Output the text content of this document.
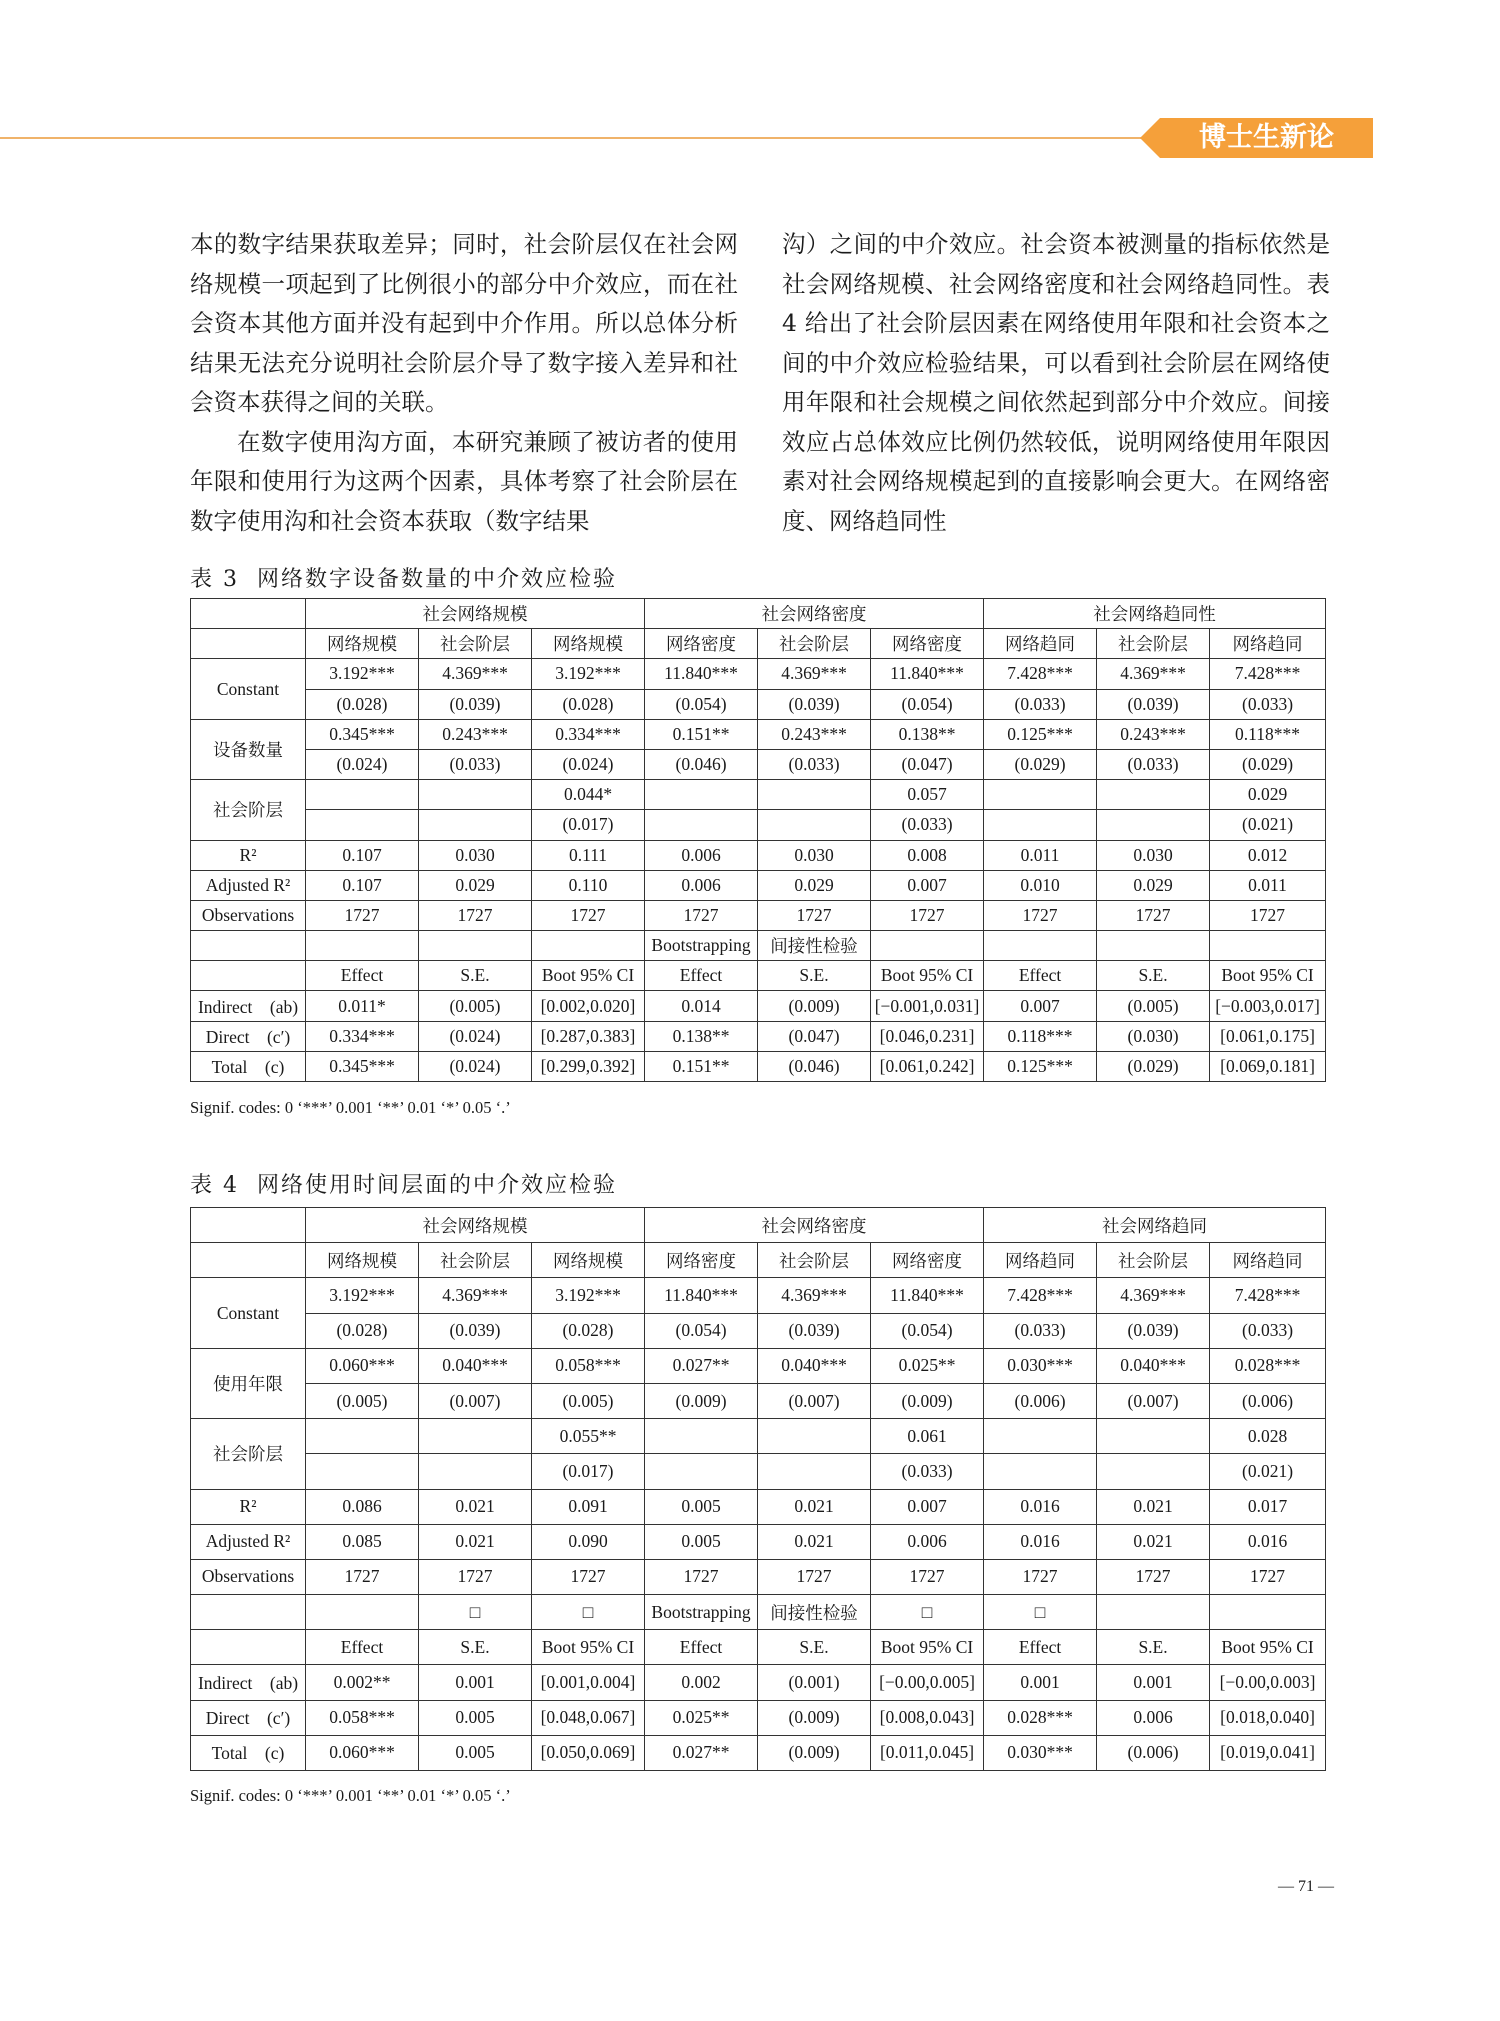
博士生新论

本的数字结果获取差异；同时，社会阶层仅在社会网络规模一项起到了比例很小的部分中介效应，而在社会资本其他方面并没有起到中介作用。所以总体分析结果无法充分说明社会阶层介导了数字接入差异和社会资本获得之间的关联。

在数字使用沟方面，本研究兼顾了被访者的使用年限和使用行为这两个因素，具体考察了社会阶层在数字使用沟和社会资本获取（数字结果

沟）之间的中介效应。社会资本被测量的指标依然是社会网络规模、社会网络密度和社会网络趋同性。表 4 给出了社会阶层因素在网络使用年限和社会资本之间的中介效应检验结果，可以看到社会阶层在网络使用年限和社会规模之间依然起到部分中介效应。间接效应占总体效应比例仍然较低，说明网络使用年限因素对社会网络规模起到的直接影响会更大。在网络密度、网络趋同性

表 3 网络数字设备数量的中介效应检验
	社会网络规模			社会网络密度			社会网络趋同性		
	网络规模	社会阶层	网络规模	网络密度	社会阶层	网络密度	网络趋同	社会阶层	网络趋同
Constant	3.192***	4.369***	3.192***	11.840***	4.369***	11.840***	7.428***	4.369***	7.428***
	(0.028)	(0.039)	(0.028)	(0.054)	(0.039)	(0.054)	(0.033)	(0.039)	(0.033)
设备数量	0.345***	0.243***	0.334***	0.151**	0.243***	0.138**	0.125***	0.243***	0.118***
	(0.024)	(0.033)	(0.024)	(0.046)	(0.033)	(0.047)	(0.029)	(0.033)	(0.029)
社会阶层			0.044*			0.057			0.029
			(0.017)			(0.033)			(0.021)
R²	0.107	0.030	0.111	0.006	0.030	0.008	0.011	0.030	0.012
Adjusted R²	0.107	0.029	0.110	0.006	0.029	0.007	0.010	0.029	0.011
Observations	1727	1727	1727	1727	1727	1727	1727	1727	1727
				Bootstrapping	间接性检验				
	Effect	S.E.	Boot 95% CI	Effect	S.E.	Boot 95% CI	Effect	S.E.	Boot 95% CI
Indirect　(ab)	0.011*	(0.005)	[0.002,0.020]	0.014	(0.009)	[−0.001,0.031]	0.007	(0.005)	[−0.003,0.017]
Direct　(c′)	0.334***	(0.024)	[0.287,0.383]	0.138**	(0.047)	[0.046,0.231]	0.118***	(0.030)	[0.061,0.175]
Total　(c)	0.345***	(0.024)	[0.299,0.392]	0.151**	(0.046)	[0.061,0.242]	0.125***	(0.029)	[0.069,0.181]
Signif. codes: 0 ‘***’ 0.001 ‘**’ 0.01 ‘*’ 0.05 ‘.’
表 4 网络使用时间层面的中介效应检验
	社会网络规模			社会网络密度			社会网络趋同		
	网络规模	社会阶层	网络规模	网络密度	社会阶层	网络密度	网络趋同	社会阶层	网络趋同
Constant	3.192***	4.369***	3.192***	11.840***	4.369***	11.840***	7.428***	4.369***	7.428***
	(0.028)	(0.039)	(0.028)	(0.054)	(0.039)	(0.054)	(0.033)	(0.039)	(0.033)
使用年限	0.060***	0.040***	0.058***	0.027**	0.040***	0.025**	0.030***	0.040***	0.028***
	(0.005)	(0.007)	(0.005)	(0.009)	(0.007)	(0.009)	(0.006)	(0.007)	(0.006)
社会阶层			0.055**			0.061			0.028
			(0.017)			(0.033)			(0.021)
R²	0.086	0.021	0.091	0.005	0.021	0.007	0.016	0.021	0.017
Adjusted R²	0.085	0.021	0.090	0.005	0.021	0.006	0.016	0.021	0.016
Observations	1727	1727	1727	1727	1727	1727	1727	1727	1727
		□	□	Bootstrapping	间接性检验	□	□		
	Effect	S.E.	Boot 95% CI	Effect	S.E.	Boot 95% CI	Effect	S.E.	Boot 95% CI
Indirect　(ab)	0.002**	0.001	[0.001,0.004]	0.002	(0.001)	[−0.00,0.005]	0.001	0.001	[−0.00,0.003]
Direct　(c′)	0.058***	0.005	[0.048,0.067]	0.025**	(0.009)	[0.008,0.043]	0.028***	0.006	[0.018,0.040]
Total　(c)	0.060***	0.005	[0.050,0.069]	0.027**	(0.009)	[0.011,0.045]	0.030***	(0.006)	[0.019,0.041]
Signif. codes: 0 ‘***’ 0.001 ‘**’ 0.01 ‘*’ 0.05 ‘.’
— 71 —
